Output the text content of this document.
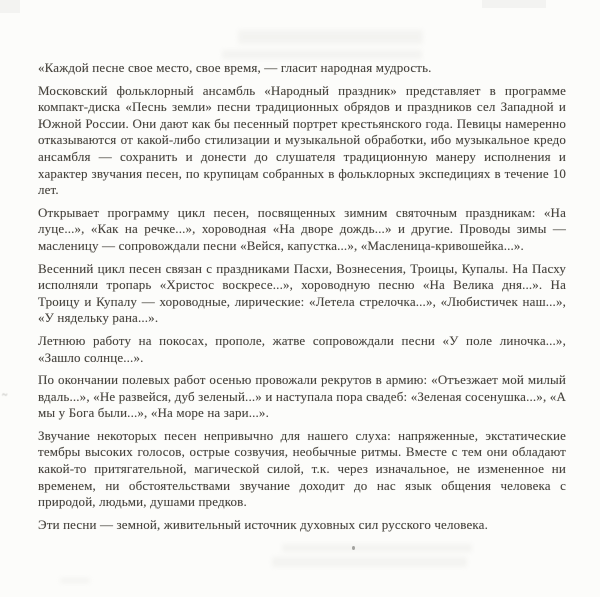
~

«Каждой песне свое место, свое время, — гласит народная мудрость.

Московский фольклорный ансамбль «Народный праздник» представляет в программе компакт-диска «Песнь земли» песни традиционных обрядов и праздников сел Западной и Южной России. Они дают как бы песенный портрет крестьянского года. Певицы намеренно отказываются от какой-либо стилизации и музыкальной обработки, ибо музыкальное кредо ансамбля — сохранить и донести до слушателя традиционную манеру исполнения и характер звучания песен, по крупицам собранных в фольклорных экспедициях в течение 10 лет.

Открывает программу цикл песен, посвященных зимним святочным праздникам: «На луце...», «Как на речке...», хороводная «На дворе дождь...» и другие. Проводы зимы — масленицу — сопровождали песни «Вейся, капустка...», «Масленица-кривошейка...».

Весенний цикл песен связан с праздниками Пасхи, Вознесения, Троицы, Купалы. На Пасху исполняли тропарь «Христос воскресе...», хороводную песню «На Велика дня...». На Троицу и Купалу — хороводные, лирические: «Летела стрелочка...», «Любистичек наш...», «У нядельку рана...».

Летнюю работу на покосах, прополе, жатве сопровождали песни «У поле линочка...», «Зашло солнце...».

По окончании полевых работ осенью провожали рекрутов в армию: «Отъезжает мой милый вдаль...», «Не развейся, дуб зеленый...» и наступала пора свадеб: «Зеленая сосенушка...», «А мы у Бога были...», «На море на зари...».

Звучание некоторых песен непривычно для нашего слуха: напряженные, экстатические тембры высоких голосов, острые созвучия, необычные ритмы. Вместе с тем они обладают какой-то притягательной, магической силой, т.к. через изначальное, не измененное ни временем, ни обстоятельствами звучание доходит до нас язык общения человека с природой, людьми, душами предков.

Эти песни — земной, живительный источник духовных сил русского человека.
